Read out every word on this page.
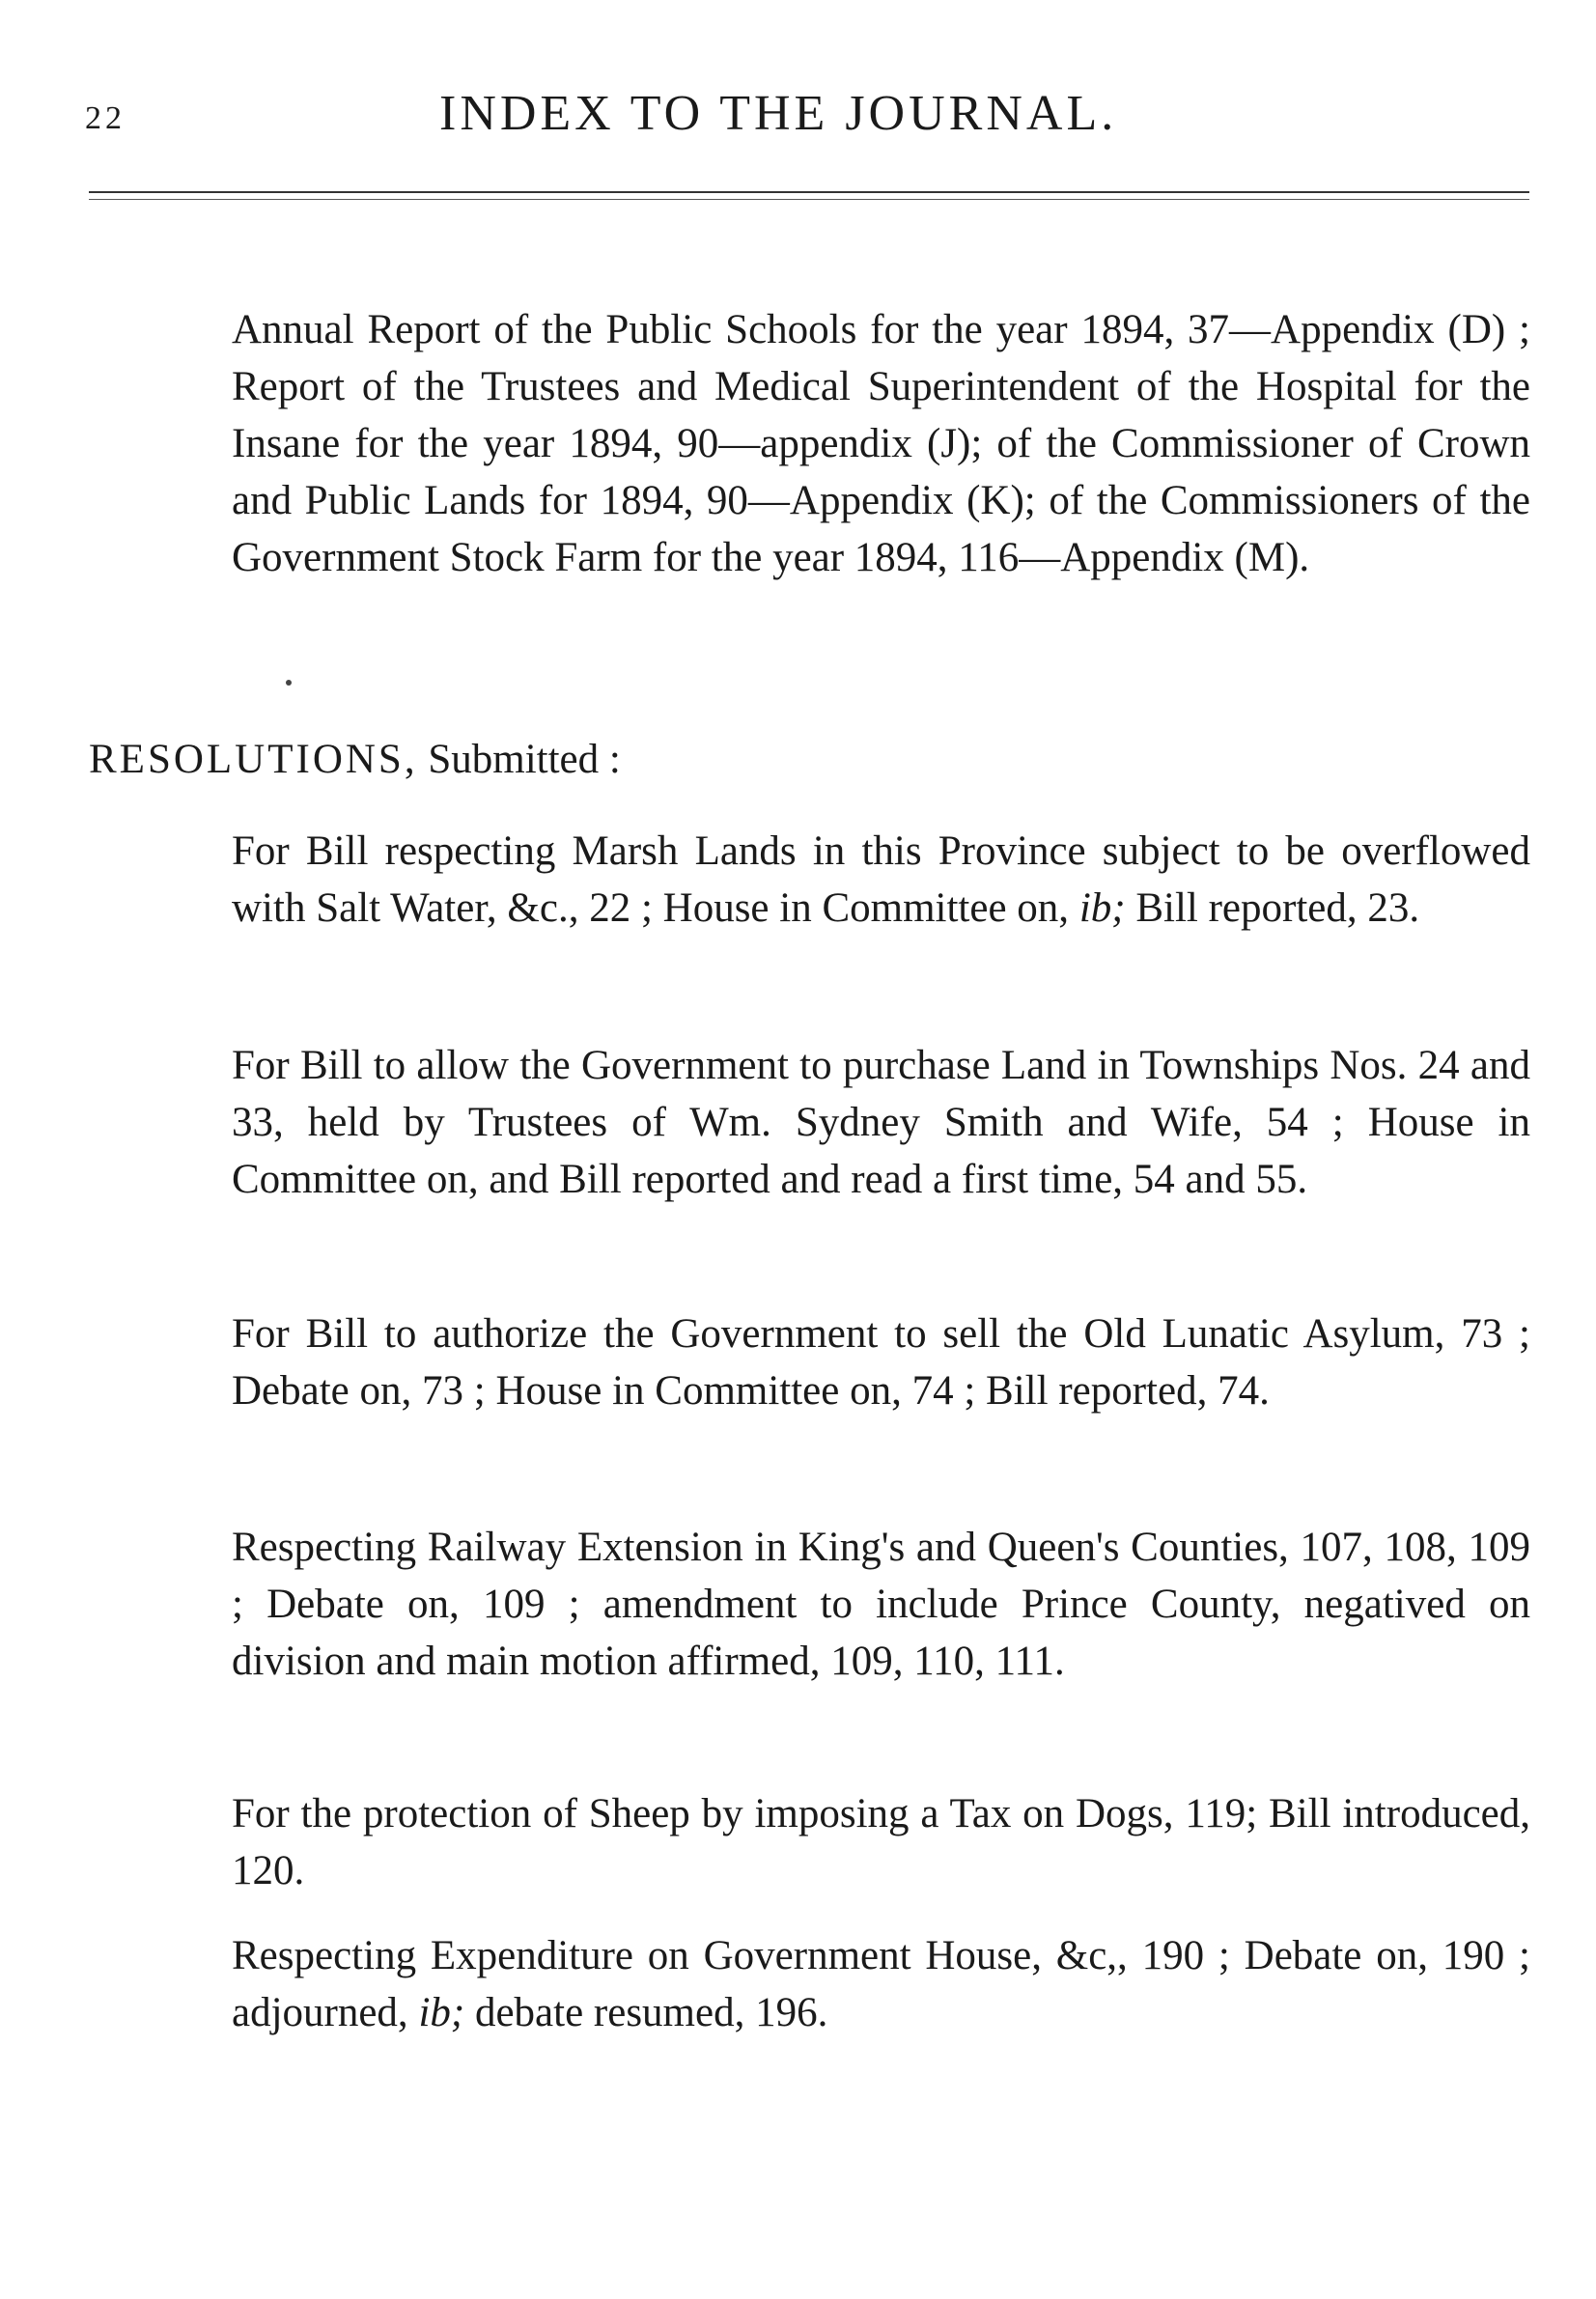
22	INDEX TO THE JOURNAL.

Annual Report of the Public Schools for the year 1894, 37—Appendix (D) ; Report of the Trustees and Medical Superintendent of the Hospital for the Insane for the year 1894, 90—appendix (J); of the Commissioner of Crown and Public Lands for 1894, 90—Appendix (K); of the Commissioners of the Government Stock Farm for the year 1894, 116—Appendix (M).

RESOLUTIONS, Submitted :

For Bill respecting Marsh Lands in this Province subject to be overflowed with Salt Water, &c., 22 ; House in Committee on, ib; Bill reported, 23.

For Bill to allow the Government to purchase Land in Townships Nos. 24 and 33, held by Trustees of Wm. Sydney Smith and Wife, 54 ; House in Committee on, and Bill reported and read a first time, 54 and 55.

For Bill to authorize the Government to sell the Old Lunatic Asylum, 73 ; Debate on, 73 ; House in Committee on, 74 ; Bill reported, 74.

Respecting Railway Extension in King's and Queen's Counties, 107, 108, 109 ; Debate on, 109 ; amendment to include Prince County, negatived on division and main motion affirmed, 109, 110, 111.

For the protection of Sheep by imposing a Tax on Dogs, 119; Bill introduced, 120.

Respecting Expenditure on Government House, &c,, 190 ; Debate on, 190 ; adjourned, ib; debate resumed, 196.
